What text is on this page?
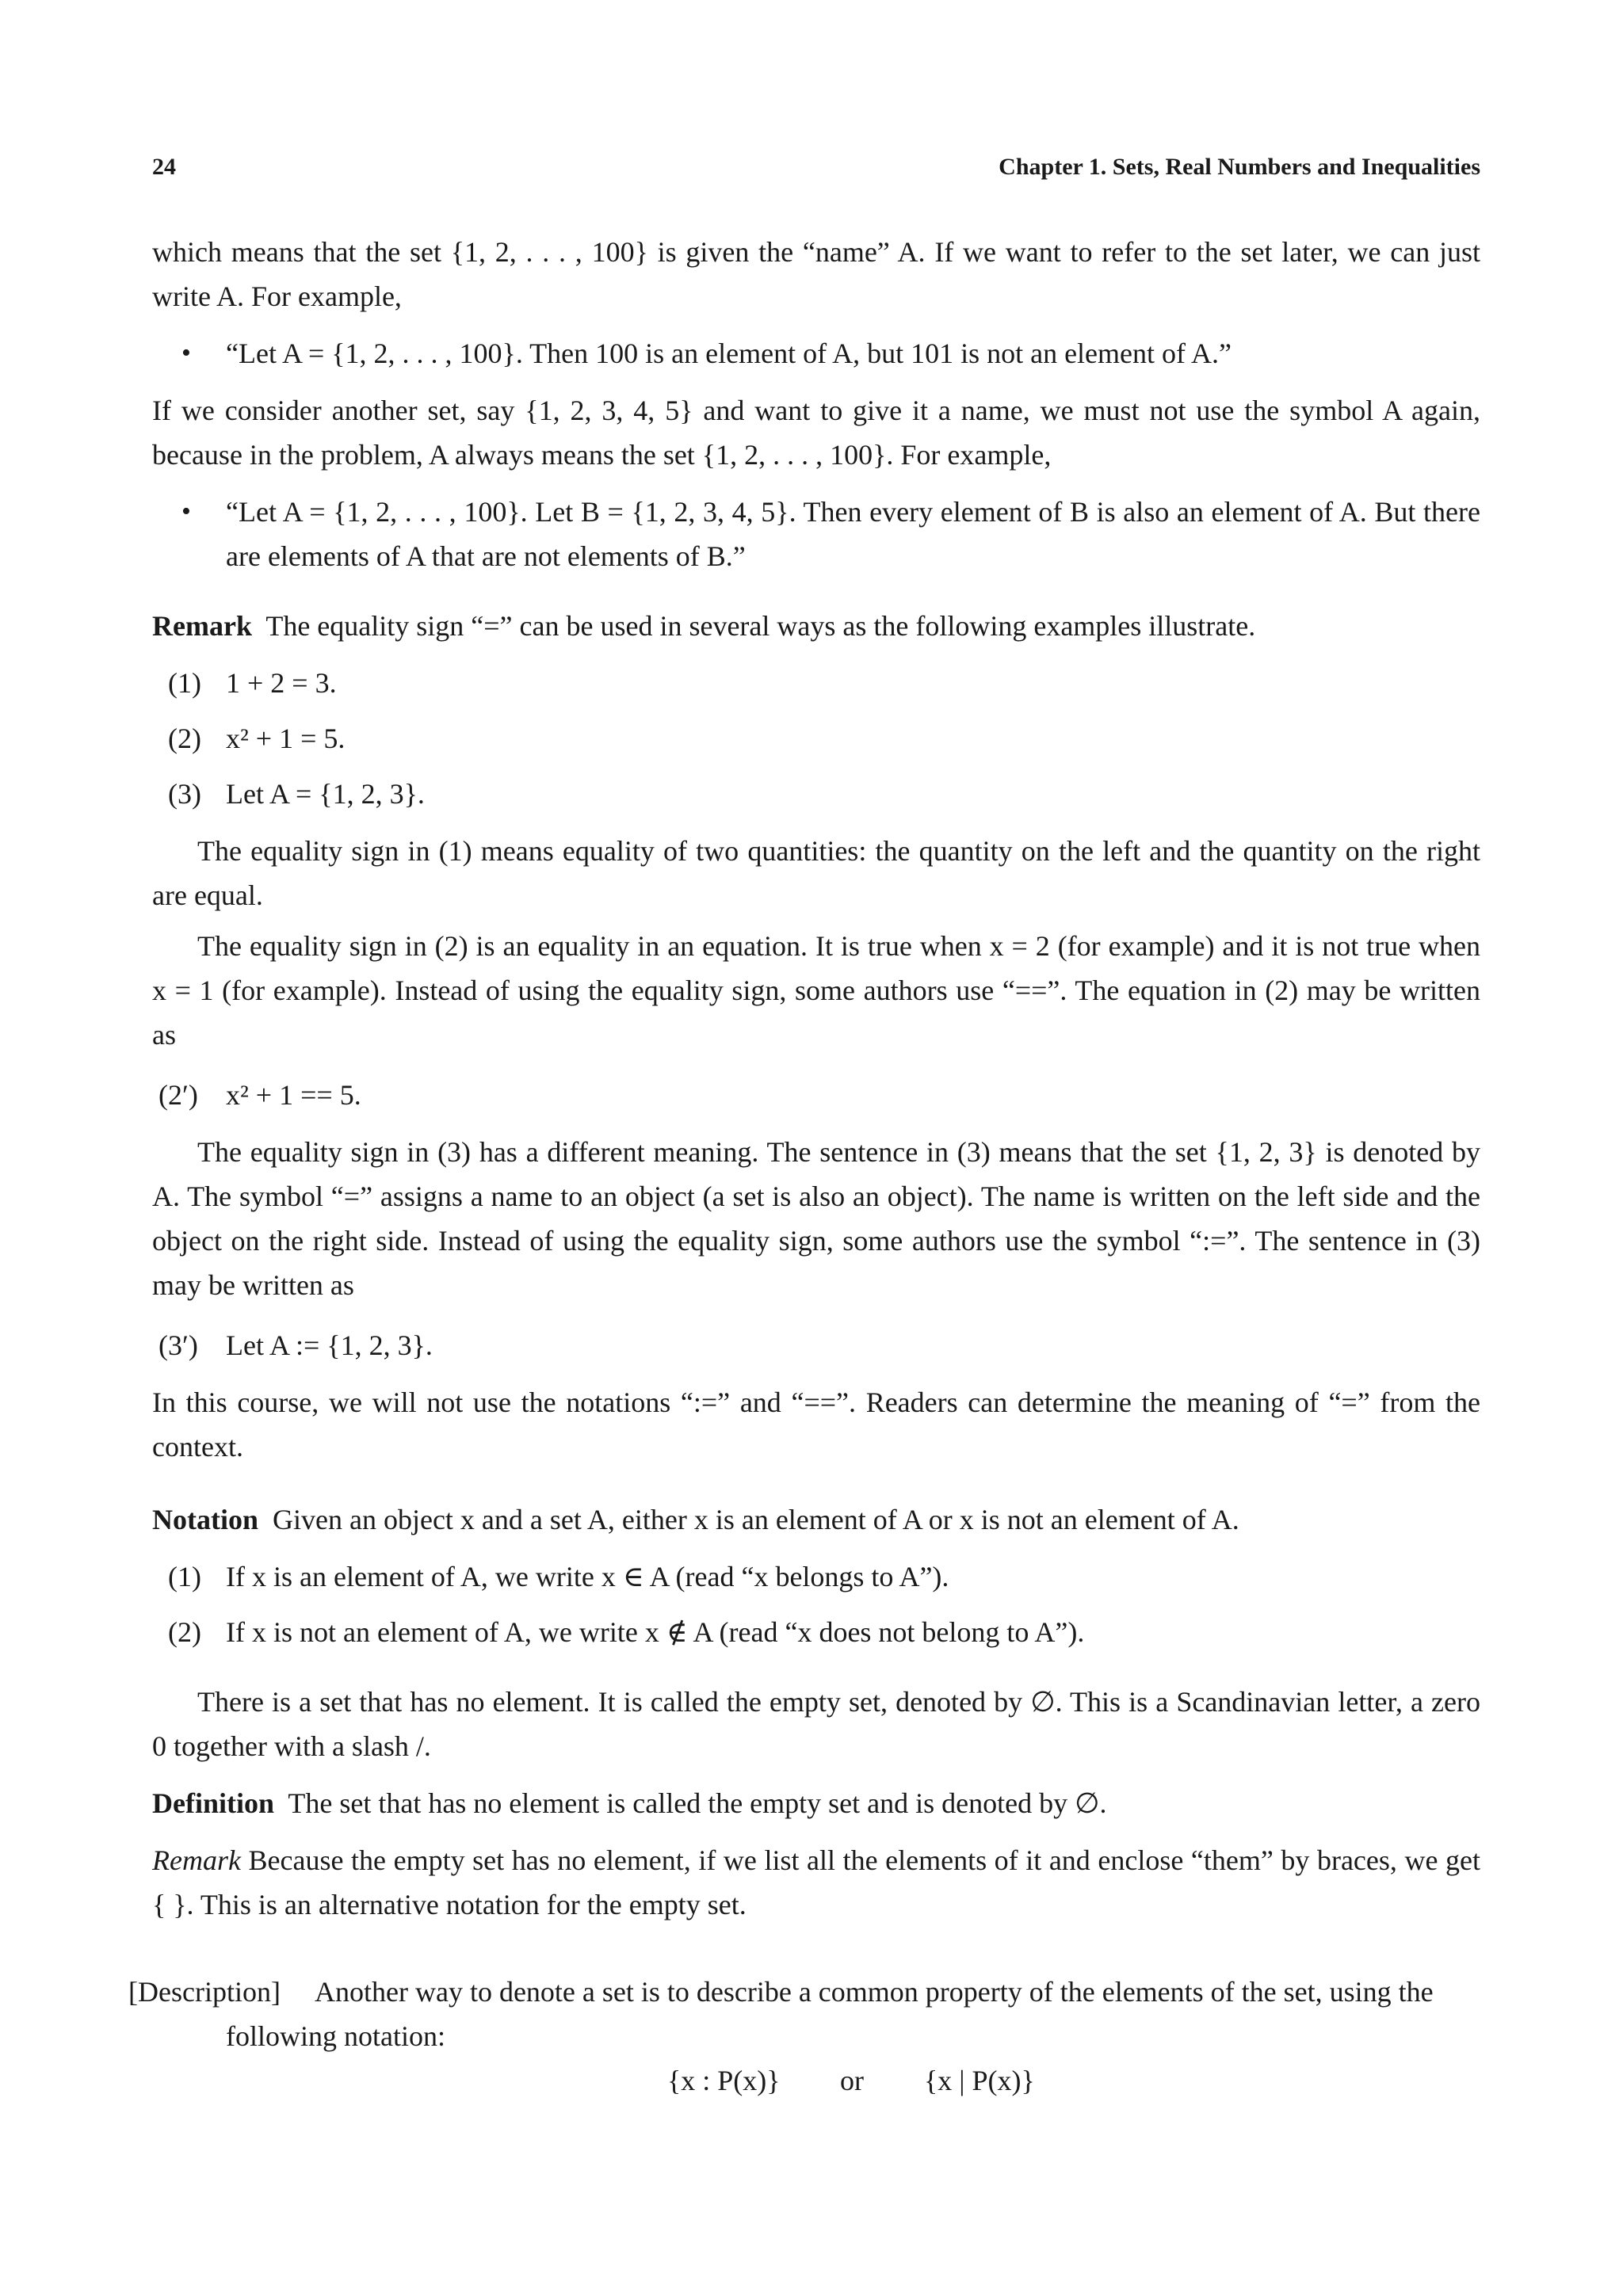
24	Chapter 1. Sets, Real Numbers and Inequalities
which means that the set {1, 2, . . . , 100} is given the “name” A. If we want to refer to the set later, we can just write A. For example,
• “Let A = {1, 2, . . . , 100}. Then 100 is an element of A, but 101 is not an element of A.”
If we consider another set, say {1, 2, 3, 4, 5} and want to give it a name, we must not use the symbol A again, because in the problem, A always means the set {1, 2, . . . , 100}. For example,
• “Let A = {1, 2, . . . , 100}. Let B = {1, 2, 3, 4, 5}. Then every element of B is also an element of A. But there are elements of A that are not elements of B.”
Remark The equality sign “=” can be used in several ways as the following examples illustrate.
(1) 1 + 2 = 3.
(2) x² + 1 = 5.
(3) Let A = {1, 2, 3}.
The equality sign in (1) means equality of two quantities: the quantity on the left and the quantity on the right are equal.
The equality sign in (2) is an equality in an equation. It is true when x = 2 (for example) and it is not true when x = 1 (for example). Instead of using the equality sign, some authors use “==”. The equation in (2) may be written as
(2′) x² + 1 == 5.
The equality sign in (3) has a different meaning. The sentence in (3) means that the set {1, 2, 3} is denoted by A. The symbol “=” assigns a name to an object (a set is also an object). The name is written on the left side and the object on the right side. Instead of using the equality sign, some authors use the symbol “:=”. The sentence in (3) may be written as
(3′) Let A := {1, 2, 3}.
In this course, we will not use the notations “:=” and “==”. Readers can determine the meaning of “=” from the context.
Notation Given an object x and a set A, either x is an element of A or x is not an element of A.
(1) If x is an element of A, we write x ∈ A (read “x belongs to A”).
(2) If x is not an element of A, we write x ∉ A (read “x does not belong to A”).
There is a set that has no element. It is called the empty set, denoted by ∅. This is a Scandinavian letter, a zero 0 together with a slash /.
Definition The set that has no element is called the empty set and is denoted by ∅.
Remark Because the empty set has no element, if we list all the elements of it and enclose “them” by braces, we get { }. This is an alternative notation for the empty set.
[Description] Another way to denote a set is to describe a common property of the elements of the set, using the
following notation:
{x : P(x)} or {x | P(x)}
